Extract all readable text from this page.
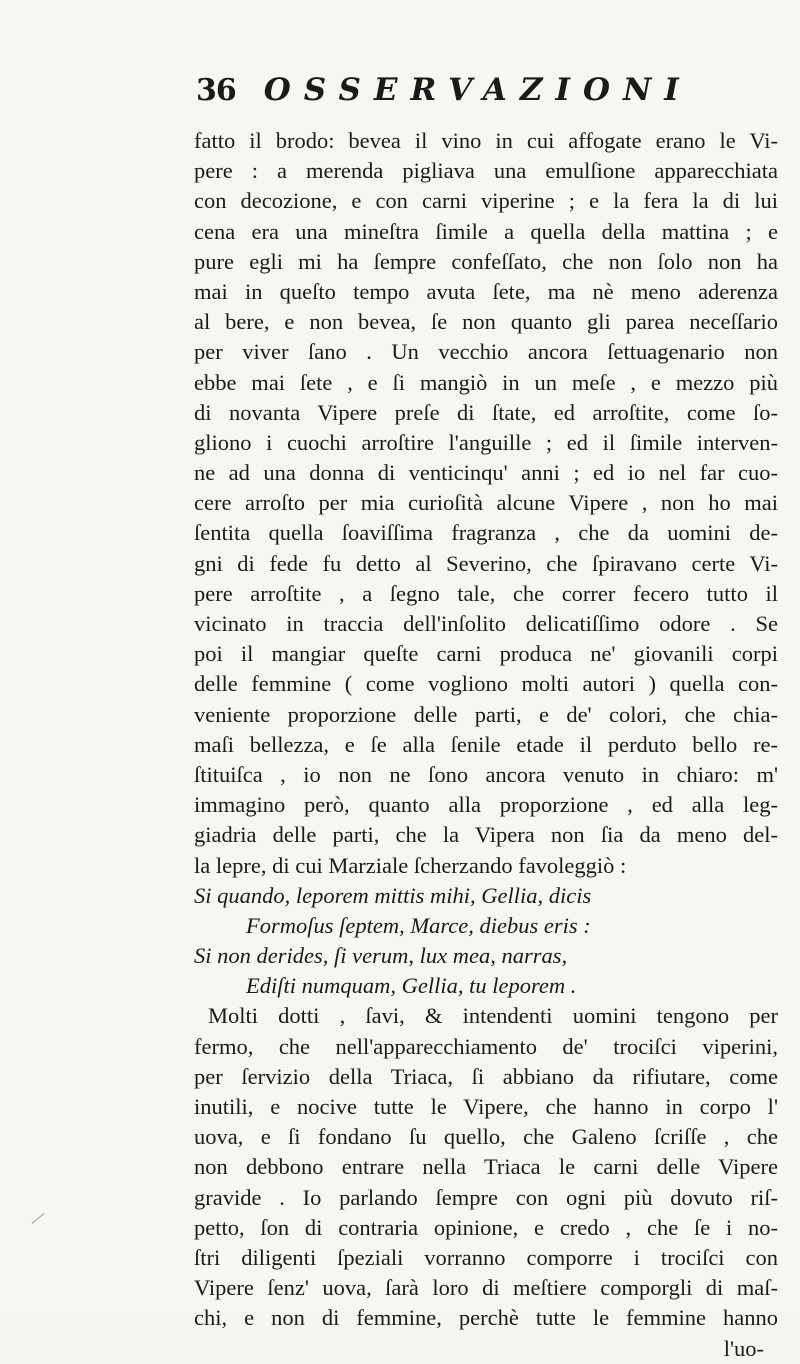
36 OSSERVAZIONI
fatto il brodo: bevea il vino in cui affogate erano le Vi-
pere : a merenda pigliava una emulſione apparecchiata
con decozione, e con carni viperine ; e la fera la di lui
cena era una mineſtra ſimile a quella della mattina ; e
pure egli mi ha ſempre confeſſato, che non ſolo non ha
mai in queſto tempo avuta ſete, ma nè meno aderenza
al bere, e non bevea, ſe non quanto gli parea neceſſario
per viver ſano . Un vecchio ancora ſettuagenario non
ebbe mai ſete , e ſi mangiò in un meſe , e mezzo più
di novanta Vipere preſe di ſtate, ed arroſtite, come ſo-
gliono i cuochi arroſtire l'anguille ; ed il ſimile interven-
ne ad una donna di venticinqu' anni ; ed io nel far cuo-
cere arroſto per mia curioſità alcune Vipere , non ho mai
ſentita quella ſoaviſſima fragranza , che da uomini de-
gni di fede fu detto al Severino, che ſpiravano certe Vi-
pere arroſtite , a ſegno tale, che correr fecero tutto il
vicinato in traccia dell'inſolito delicatiſſimo odore . Se
poi il mangiar queſte carni produca ne' giovanili corpi
delle femmine ( come vogliono molti autori ) quella con-
veniente proporzione delle parti, e de' colori, che chia-
maſi bellezza, e ſe alla ſenile etade il perduto bello re-
ſtituiſca , io non ne ſono ancora venuto in chiaro: m'
immagino però, quanto alla proporzione , ed alla leg-
giadria delle parti, che la Vipera non ſia da meno del-
la lepre, di cui Marziale ſcherzando favoleggiò :
Si quando, leporem mittis mihi, Gellia, dicis
Formoſus ſeptem, Marce, diebus eris :
Si non derides, ſi verum, lux mea, narras,
Ediſti numquam, Gellia, tu leporem .
Molti dotti , ſavi, & intendenti uomini tengono per
fermo, che nell'apparecchiamento de' trociſci viperini,
per ſervizio della Triaca, ſi abbiano da rifiutare, come
inutili, e nocive tutte le Vipere, che hanno in corpo l'
uova, e ſi fondano ſu quello, che Galeno ſcriſſe , che
non debbono entrare nella Triaca le carni delle Vipere
gravide . Io parlando ſempre con ogni più dovuto riſ-
petto, ſon di contraria opinione, e credo , che ſe i no-
ſtri diligenti ſpeziali vorranno comporre i trociſci con
Vipere ſenz' uova, ſarà loro di meſtiere comporgli di maſ-
chi, e non di femmine, perchè tutte le femmine hanno
l'uo-
